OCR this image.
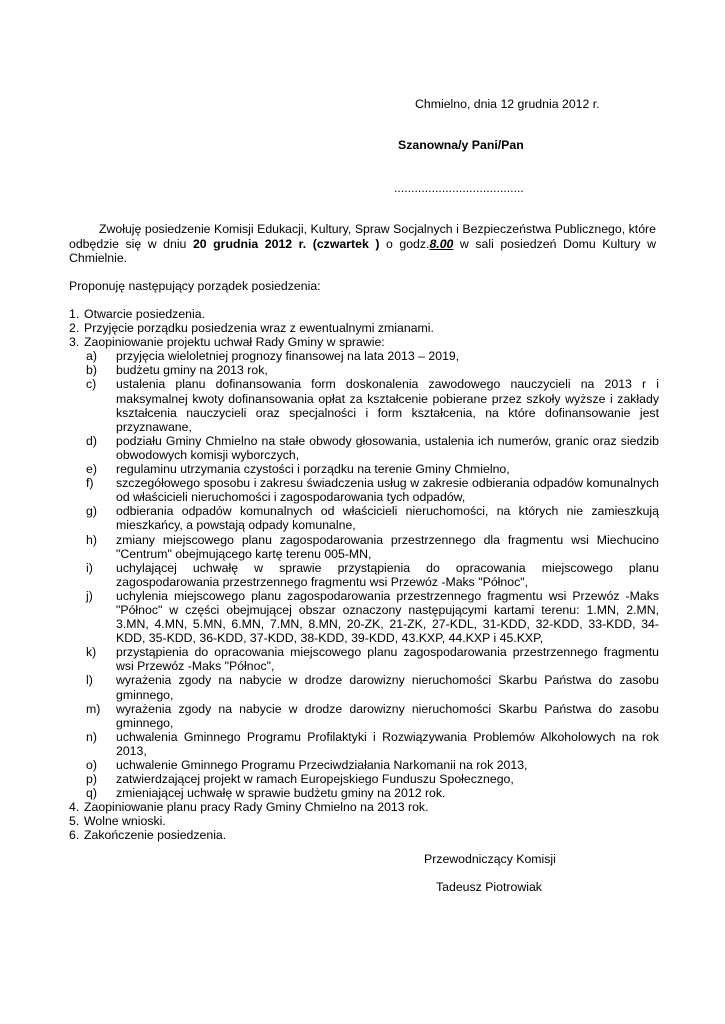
Chmielno, dnia 12 grudnia 2012 r.
Szanowna/y Pani/Pan
......................................
Zwołuję posiedzenie Komisji Edukacji, Kultury, Spraw Socjalnych i Bezpieczeństwa Publicznego, które odbędzie się w dniu 20 grudnia 2012 r. (czwartek ) o godz.8.00 w sali posiedzeń Domu Kultury w Chmielnie.
Proponuję następujący porządek posiedzenia:
1. Otwarcie posiedzenia.
2. Przyjęcie porządku posiedzenia wraz z ewentualnymi zmianami.
3. Zaopiniowanie projektu uchwał Rady Gminy w sprawie:
a) przyjęcia wieloletniej prognozy finansowej na lata 2013 – 2019,
b) budżetu gminy na 2013 rok,
c) ustalenia planu dofinansowania form doskonalenia zawodowego nauczycieli na 2013 r i maksymalnej kwoty dofinansowania opłat za kształcenie pobierane przez szkoły wyższe i zakłady kształcenia nauczycieli oraz specjalności i form kształcenia, na które dofinansowanie jest przyznawane,
d) podziału Gminy Chmielno na stałe obwody głosowania, ustalenia ich numerów, granic oraz siedzib obwodowych komisji wyborczych,
e) regulaminu utrzymania czystości i porządku na terenie Gminy Chmielno,
f) szczegółowego sposobu i zakresu świadczenia usług w zakresie odbierania odpadów komunalnych od właścicieli nieruchomości i zagospodarowania tych odpadów,
g) odbierania odpadów komunalnych od właścicieli nieruchomości, na których nie zamieszkują mieszkańcy, a powstają odpady komunalne,
h) zmiany miejscowego planu zagospodarowania przestrzennego dla fragmentu wsi Miechucino "Centrum" obejmującego kartę terenu 005-MN,
i) uchylającej uchwałę w sprawie przystąpienia do opracowania miejscowego planu zagospodarowania przestrzennego fragmentu wsi Przewóz -Maks "Północ",
j) uchylenia miejscowego planu zagospodarowania przestrzennego fragmentu wsi Przewóz -Maks "Północ" w części obejmującej obszar oznaczony następującymi kartami terenu: 1.MN, 2.MN, 3.MN, 4.MN, 5.MN, 6.MN, 7.MN, 8.MN, 20-ZK, 21-ZK, 27-KDL, 31-KDD, 32-KDD, 33-KDD, 34-KDD, 35-KDD, 36-KDD, 37-KDD, 38-KDD, 39-KDD, 43.KXP, 44.KXP i 45.KXP,
k) przystąpienia do opracowania miejscowego planu zagospodarowania przestrzennego fragmentu wsi Przewóz -Maks "Północ",
l) wyrażenia zgody na nabycie w drodze darowizny nieruchomości Skarbu Państwa do zasobu gminnego,
m) wyrażenia zgody na nabycie w drodze darowizny nieruchomości Skarbu Państwa do zasobu gminnego,
n) uchwalenia Gminnego Programu Profilaktyki i Rozwiązywania Problemów Alkoholowych na rok 2013,
o) uchwalenie Gminnego Programu Przeciwdziałania Narkomanii na rok 2013,
p) zatwierdzającej projekt w ramach Europejskiego Funduszu Społecznego,
q) zmieniającej uchwałę w sprawie budżetu gminy na 2012 rok.
4. Zaopiniowanie planu pracy Rady Gminy Chmielno na 2013 rok.
5. Wolne wnioski.
6. Zakończenie posiedzenia.
Przewodniczący Komisji
Tadeusz Piotrowiak
